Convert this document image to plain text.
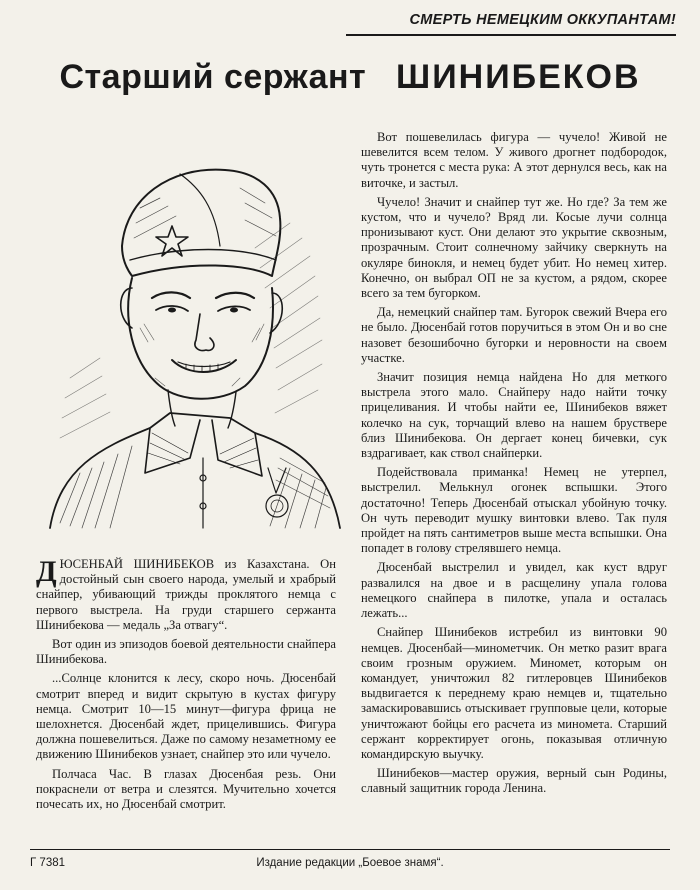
СМЕРТЬ НЕМЕЦКИМ ОККУПАНТАМ!
Старший сержант ШИНИБЕКОВ

ДЮСЕНБАЙ ШИНИБЕКОВ из Казахстана. Он достойный сын своего народа, умелый и храбрый снайпер, убивающий трижды проклятого немца с первого выстрела. На груди старшего сержанта Шинибекова — медаль „За отвагу“.

Вот один из эпизодов боевой деятельности снайпера Шинибекова.

...Солнце клонится к лесу, скоро ночь. Дюсенбай смотрит вперед и видит скрытую в кустах фигуру немца. Смотрит 10—15 минут—фигура фрица не шелохнется. Дюсенбай ждет, прицелившись. Фигура должна пошевелиться. Даже по самому незаметному ее движению Шинибеков узнает, снайпер это или чучело.

Полчаса Час. В глазах Дюсенбая резь. Они покраснели от ветра и слезятся. Мучительно хочется почесать их, но Дюсенбай смотрит.

Вот пошевелилась фигура — чучело! Живой не шевелится всем телом. У живого дрогнет подбородок, чуть тронется с места рука: А этот дернулся весь, как на виточке, и застыл.

Чучело! Значит и снайпер тут же. Но где? За тем же кустом, что и чучело? Вряд ли. Косые лучи солнца пронизывают куст. Они делают это укрытие сквозным, прозрачным. Стоит солнечному зайчику сверкнуть на окуляре бинокля, и немец будет убит. Но немец хитер. Конечно, он выбрал ОП не за кустом, а рядом, скорее всего за тем бугорком.

Да, немецкий снайпер там. Бугорок свежий Вчера его не было. Дюсенбай готов поручиться в этом Он и во сне назовет безошибочно бугорки и неровности на своем участке.

Значит позиция немца найдена Но для меткого выстрела этого мало. Снайперу надо найти точку прицеливания. И чтобы найти ее, Шинибеков вяжет колечко на сук, торчащий влево на нашем бруствере близ Шинибекова. Он дергает конец бичевки, сук вздрагивает, как ствол снайперки.

Подействовала приманка! Немец не утерпел, выстрелил. Мелькнул огонек вспышки. Этого достаточно! Теперь Дюсенбай отыскал убойную точку. Он чуть переводит мушку винтовки влево. Так пуля пройдет на пять сантиметров выше места вспышки. Она попадет в голову стрелявшего немца.

Дюсенбай выстрелил и увидел, как куст вдруг развалился на двое и в расщелину упала голова немецкого снайпера в пилотке, упала и осталась лежать...

Снайпер Шинибеков истребил из винтовки 90 немцев. Дюсенбай—минометчик. Он метко разит врага своим грозным оружием. Миномет, которым он командует, уничтожил 82 гитлеровцев Шинибеков выдвигается к переднему краю немцев и, тщательно замаскировавшись отыскивает групповые цели, которые уничтожают бойцы его расчета из миномета. Старший сержант корректирует огонь, показывая отличную командирскую выучку.

Шинибеков—мастер оружия, верный сын Родины, славный защитник города Ленина.

Г 7381	Издание редакции „Боевое знамя“.
